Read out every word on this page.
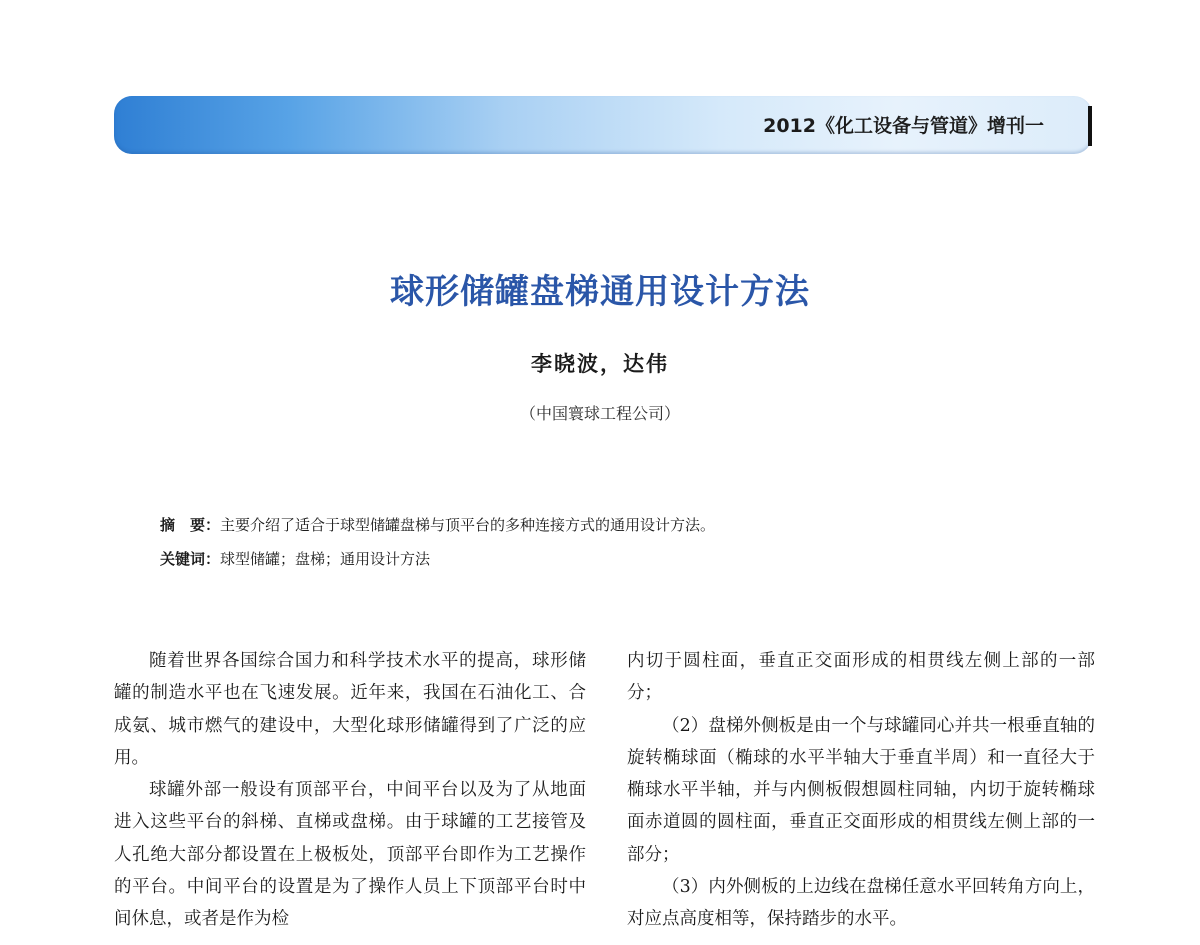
2012《化工设备与管道》增刊一
球形储罐盘梯通用设计方法
李晓波，达伟
（中国寰球工程公司）
摘　要：主要介绍了适合于球型储罐盘梯与顶平台的多种连接方式的通用设计方法。
关键词：球型储罐；盘梯；通用设计方法

随着世界各国综合国力和科学技术水平的提高，球形储罐的制造水平也在飞速发展。近年来，我国在石油化工、合成氨、城市燃气的建设中，大型化球形储罐得到了广泛的应用。

球罐外部一般设有顶部平台，中间平台以及为了从地面进入这些平台的斜梯、直梯或盘梯。由于球罐的工艺接管及人孔绝大部分都设置在上极板处，顶部平台即作为工艺操作的平台。中间平台的设置是为了操作人员上下顶部平台时中间休息，或者是作为检

内切于圆柱面，垂直正交面形成的相贯线左侧上部的一部分；

（2）盘梯外侧板是由一个与球罐同心并共一根垂直轴的旋转椭球面（椭球的水平半轴大于垂直半周）和一直径大于椭球水平半轴，并与内侧板假想圆柱同轴，内切于旋转椭球面赤道圆的圆柱面，垂直正交面形成的相贯线左侧上部的一部分；

（3）内外侧板的上边线在盘梯任意水平回转角方向上，对应点高度相等，保持踏步的水平。
